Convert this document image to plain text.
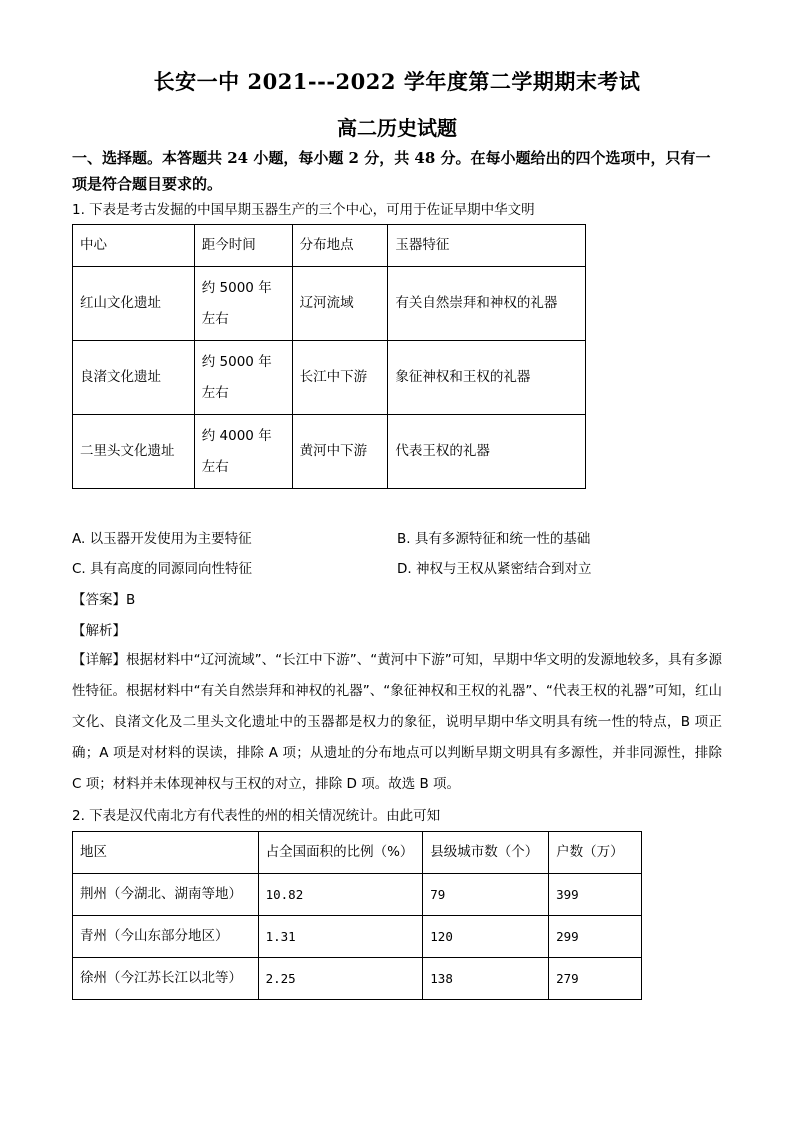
长安一中 2021---2022 学年度第二学期期末考试
高二历史试题
一、选择题。本答题共 24 小题，每小题 2 分，共 48 分。在每小题给出的四个选项中，只有一项是符合题目要求的。
1. 下表是考古发掘的中国早期玉器生产的三个中心，可用于佐证早期中华文明
中心	距今时间	分布地点	玉器特征
红山文化遗址	约 5000 年左右	辽河流域	有关自然崇拜和神权的礼器
良渚文化遗址	约 5000 年左右	长江中下游	象征神权和王权的礼器
二里头文化遗址	约 4000 年左右	黄河中下游	代表王权的礼器
A. 以玉器开发使用为主要特征	B. 具有多源特征和统一性的基础
C. 具有高度的同源同向性特征	D. 神权与王权从紧密结合到对立
【答案】B
【解析】
【详解】根据材料中“辽河流域”、“长江中下游”、“黄河中下游”可知，早期中华文明的发源地较多，具有多源性特征。根据材料中“有关自然崇拜和神权的礼器”、“象征神权和王权的礼器”、“代表王权的礼器”可知，红山文化、良渚文化及二里头文化遗址中的玉器都是权力的象征，说明早期中华文明具有统一性的特点，B 项正确；A 项是对材料的误读，排除 A 项；从遗址的分布地点可以判断早期文明具有多源性，并非同源性，排除 C 项；材料并未体现神权与王权的对立，排除 D 项。故选 B 项。
2. 下表是汉代南北方有代表性的州的相关情况统计。由此可知
地区	占全国面积的比例（%）	县级城市数（个）	户数（万）
荆州（今湖北、湖南等地）	10.82	79	399
青州（今山东部分地区）	1.31	120	299
徐州（今江苏长江以北等）	2.25	138	279
